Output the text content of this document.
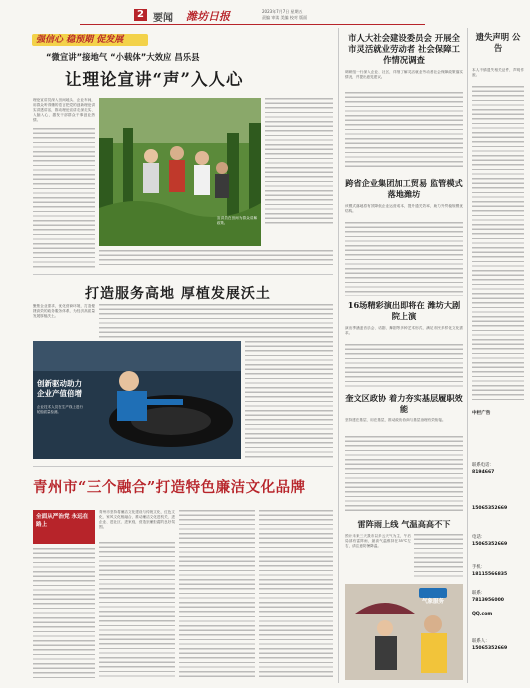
2 要闻 潍坊日报	2023年7月7日 星期五
责编 审读 美编 校对 版面
强信心 稳预期 促发展
“微宣讲”接地气 “小载体”大效应 昌乐县
让理论宣讲“声”入人心
理论宣讲员深入田间地头、企业车间，用群众听得懂的语言把党的创新理论讲实讲透讲活，推动理论宣讲走深走实、入脑入心，激发干部群众干事创业热情。
宣讲员在田间为群众讲解政策。
打造服务高地 厚植发展沃土
聚焦企业需求，优化营商环境，打造便捷高效的政务服务体系，为经济高质量发展厚植沃土。
创新驱动助力 企业产值倍增
企业技术人员在生产线上进行轮胎质量检测。
青州市“三个融合”打造特色廉洁文化品牌
全面从严治党 永远在路上
青州市坚持将廉洁文化建设与传统文化、红色文化、家风文化相融合，推动廉洁文化进机关、进企业、进社区、进家庭，营造崇廉拒腐的良好氛围。
市人大社会建设委员会 开展全市灵活就业劳动者 社会保障工作情况调查
调研组一行深入企业、社区，详细了解灵活就业劳动者社会保障政策落实情况，并提出意见建议。
跨省企业集团加工贸易 监管模式落地潍坊
该模式落地将有效降低企业运营成本，提升通关效率，助力外贸稳规模优结构。
16场精彩演出即将在 潍坊大剧院上演
演出季涵盖音乐会、话剧、舞剧等多种艺术形式，满足市民多样化文化需求。
奎文区政协 着力夯实基层履职效能
坚持建在基层、用在基层，推动政协协商与基层治理有效衔接。
雷阵雨上线 气温高高不下
预计未来三天我市以多云天气为主，午后局部有雷阵雨，最高气温维持在35℃左右，请注意防暑降温。
气象服务
遗失声明 公告
本人不慎遗失相关证件，声明作废。
中栏广告
联系电话：
8194667
15065352669
电话：
15065352669
手机：
18115566835
联系：
7813956000
QQ.com
联系人：
15065352669
